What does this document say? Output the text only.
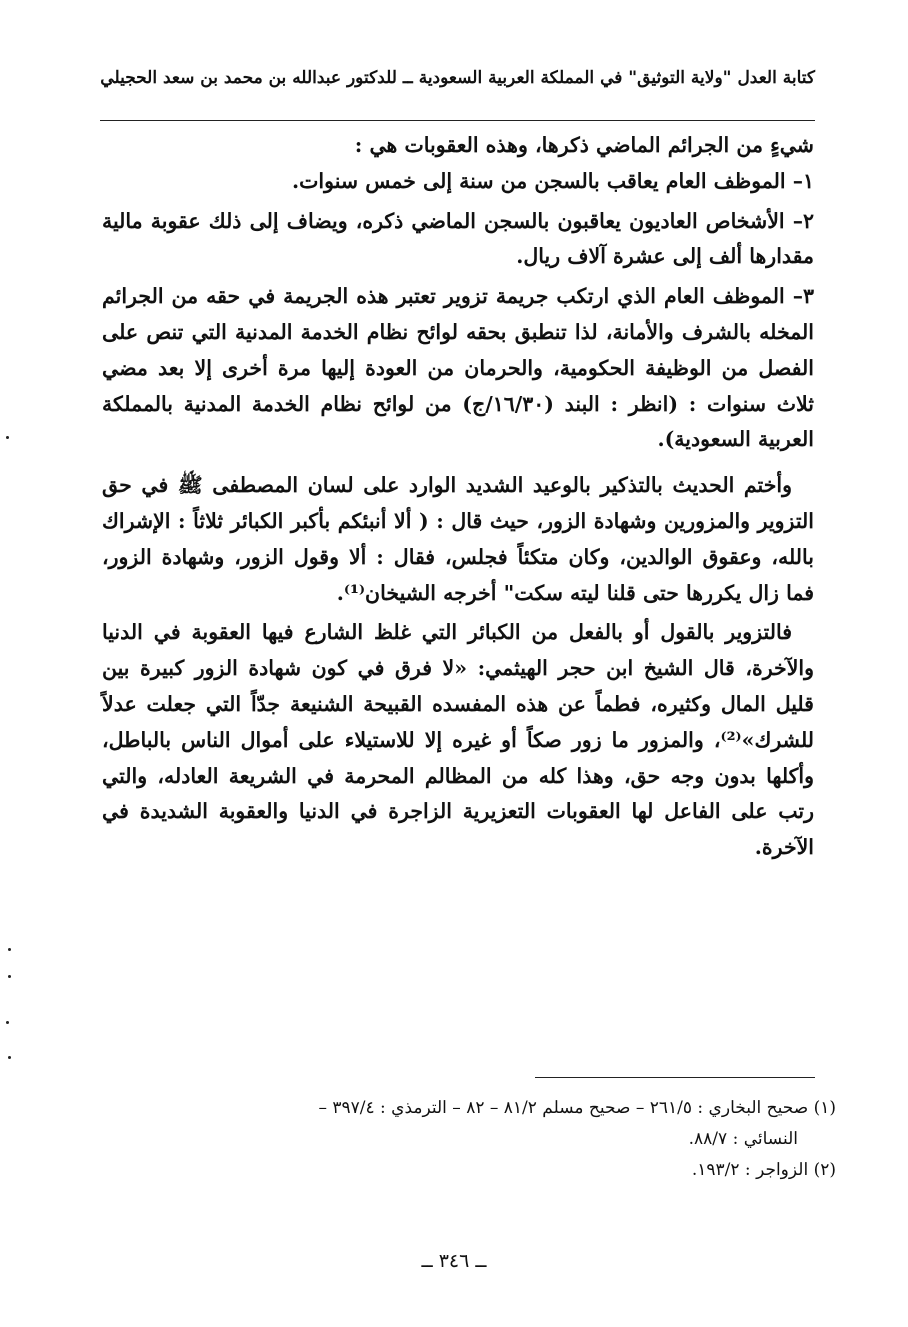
كتابة العدل "ولاية التوثيق" في المملكة العربية السعودية ــ للدكتور عبدالله بن محمد بن سعد الحجيلي

شيءٍ من الجرائم الماضي ذكرها، وهذه العقوبات هي :

١– الموظف العام يعاقب بالسجن من سنة إلى خمس سنوات.

٢– الأشخاص العاديون يعاقبون بالسجن الماضي ذكره، ويضاف إلى ذلك عقوبة مالية مقدارها ألف إلى عشرة آلاف ريال.

٣– الموظف العام الذي ارتكب جريمة تزوير تعتبر هذه الجريمة في حقه من الجرائم المخله بالشرف والأمانة، لذا تنطبق بحقه لوائح نظام الخدمة المدنية التي تنص على الفصل من الوظيفة الحكومية، والحرمان من العودة إليها مرة أخرى إلا بعد مضي ثلاث سنوات : (انظر : البند (١٦/٣٠/ج) من لوائح نظام الخدمة المدنية بالمملكة العربية السعودية).

وأختم الحديث بالتذكير بالوعيد الشديد الوارد على لسان المصطفى ﷺ في حق التزوير والمزورين وشهادة الزور، حيث قال : ( ألا أنبئكم بأكبر الكبائر ثلاثاً : الإشراك بالله، وعقوق الوالدين، وكان متكئاً فجلس، فقال : ألا وقول الزور، وشهادة الزور، فما زال يكررها حتى قلنا ليته سكت" أخرجه الشيخان⁽¹⁾.

فالتزوير بالقول أو بالفعل من الكبائر التي غلظ الشارع فيها العقوبة في الدنيا والآخرة، قال الشيخ ابن حجر الهيثمي: «لا فرق في كون شهادة الزور كبيرة بين قليل المال وكثيره، فطماً عن هذه المفسده القبيحة الشنيعة جدّاً التي جعلت عدلاً للشرك»⁽²⁾، والمزور ما زور صكاً أو غيره إلا للاستيلاء على أموال الناس بالباطل، وأكلها بدون وجه حق، وهذا كله من المظالم المحرمة في الشريعة العادله، والتي رتب على الفاعل لها العقوبات التعزيرية الزاجرة في الدنيا والعقوبة الشديدة في الآخرة.

(١) صحيح البخاري : ٢٦١/٥ – صحيح مسلم ٨١/٢ – ٨٢ – الترمذي : ٣٩٧/٤ –

النسائي : ٨٨/٧.

(٢) الزواجر : ١٩٣/٢.

ــ ٣٤٦ ــ
